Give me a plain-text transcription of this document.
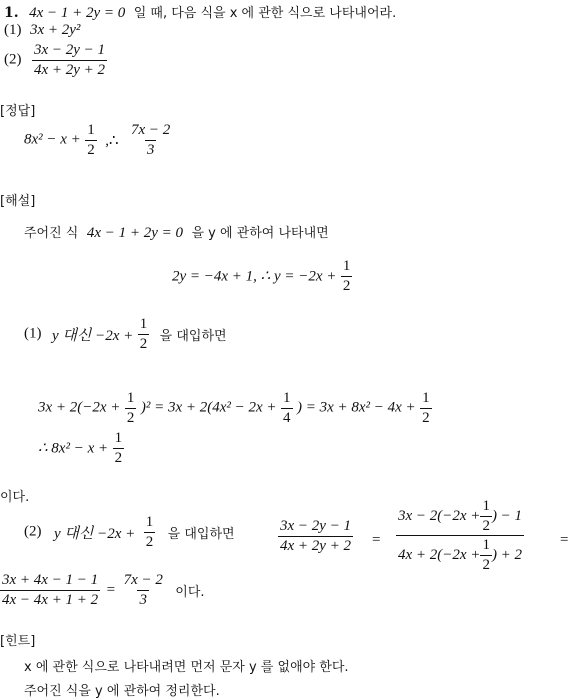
1. 4x − 1 + 2y = 0 일 때, 다음 식을 x 에 관한 식으로 나타내어라.
(1) 3x + 2y²
$(2) \frac{3x - 2y - 1}{4x + 2y + 2}$
[정답]
$8x^2 - x + \frac{1}{2}$ ,∴ $\frac{7x - 2}{3}$
[해설]
주어진 식 4x − 1 + 2y = 0 을 y 에 관하여 나타내면
2y = −4x + 1, ∴ $y = -2x + \frac{1}{2}$
(1) y 대신 $-2x + \frac{1}{2}$ 을 대입하면
$3x + 2(-2x + \frac{1}{2} )^2 = 3x + 2(4x^2 - 2x + \frac{1}{4}$ ) = $3x + 8x^2 - 4x + \frac{1}{2}$
∴ $8x^2 - x + \frac{1}{2}$
이다.
(2) y 대신 $-2x + \frac{1}{2}$ 을 대입하면	$\frac{3x - 2y - 1}{4x + 2y + 2} = \frac{3x - 2(-2x + \frac{1}{2} ) - 1}{4x + 2(-2x + \frac{1}{2} ) + 2}$ =
$\frac{3x + 4x - 1 - 1}{4x - 4x + 1 + 2} = \frac{7x - 2}{3}$ 이다.
[힌트]
x 에 관한 식으로 나타내려면 먼저 문자 y 를 없애야 한다.
주어진 식을 y 에 관하여 정리한다.
